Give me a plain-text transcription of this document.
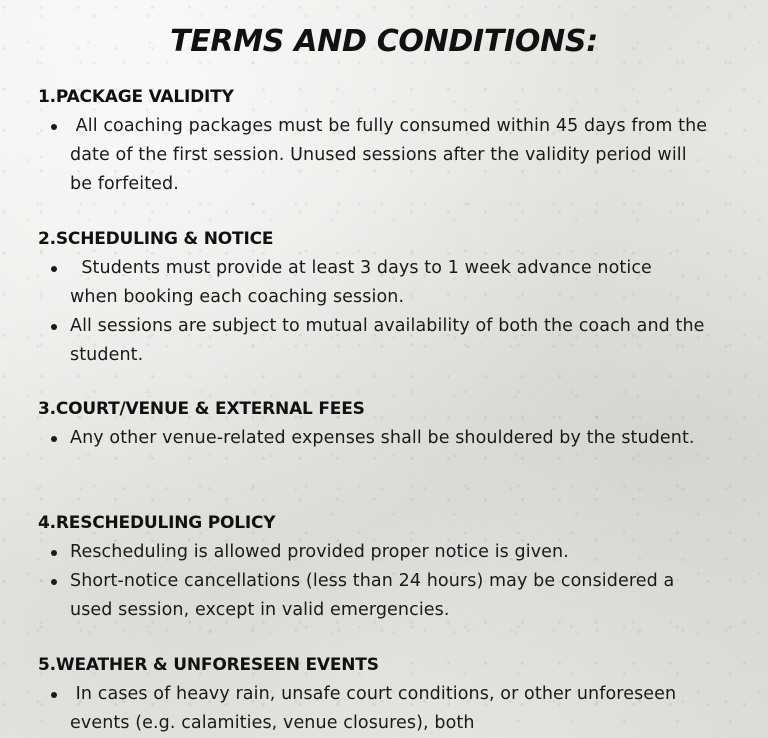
TERMS AND CONDITIONS:
1.PACKAGE VALIDITY
All coaching packages must be fully consumed within 45 days from the date of the first session. Unused sessions after the validity period will be forfeited.
2.SCHEDULING & NOTICE
Students must provide at least 3 days to 1 week advance notice when booking each coaching session.
All sessions are subject to mutual availability of both the coach and the student.
3.COURT/VENUE & EXTERNAL FEES
Any other venue-related expenses shall be shouldered by the student.
4.RESCHEDULING POLICY
Rescheduling is allowed provided proper notice is given.
Short-notice cancellations (less than 24 hours) may be considered a used session, except in valid emergencies.
5.WEATHER & UNFORESEEN EVENTS
In cases of heavy rain, unsafe court conditions, or other unforeseen events (e.g. calamities, venue closures), both
